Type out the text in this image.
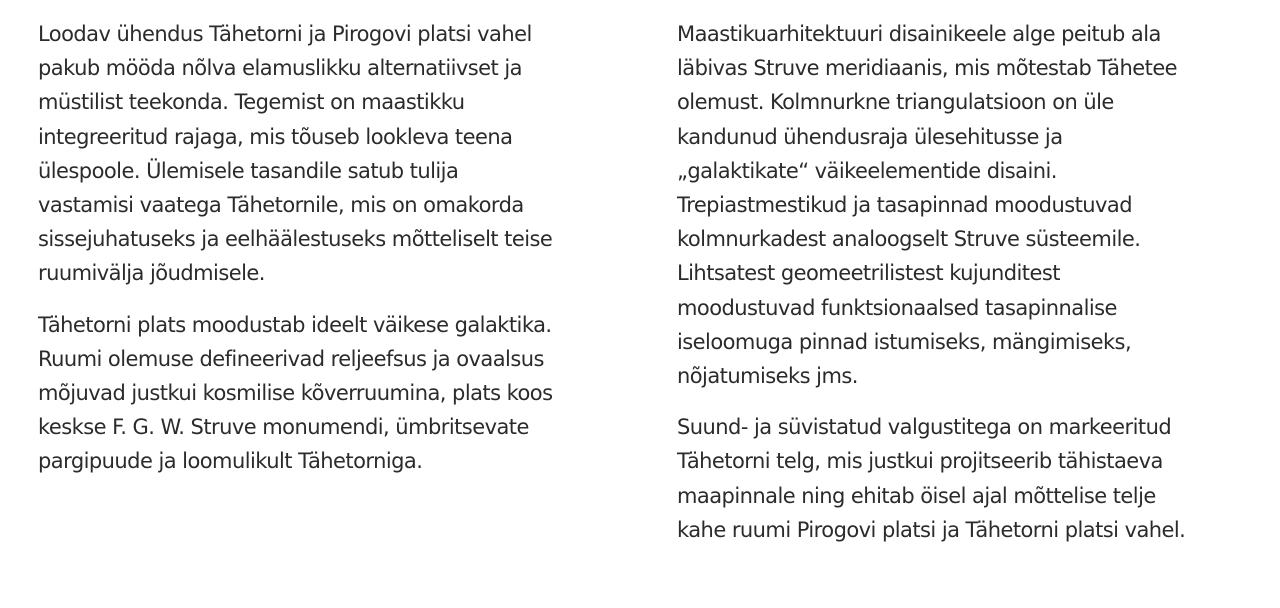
Loodav ühendus Tähetorni ja Pirogovi platsi vahel
pakub mööda nõlva elamuslikku alternatiivset ja
müstilist teekonda. Tegemist on maastikku
integreeritud rajaga, mis tõuseb lookleva teena
ülespoole. Ülemisele tasandile satub tulija
vastamisi vaatega Tähetornile, mis on omakorda
sissejuhatuseks ja eelhäälestuseks mõtteliselt teise
ruumivälja jõudmisele.

Tähetorni plats moodustab ideelt väikese galaktika.
Ruumi olemuse defineerivad reljeefsus ja ovaalsus
mõjuvad justkui kosmilise kõverruumina, plats koos
keskse F. G. W. Struve monumendi, ümbritsevate
pargipuude ja loomulikult Tähetorniga.

Maastikuarhitektuuri disainikeele alge peitub ala
läbivas Struve meridiaanis, mis mõtestab Tähetee
olemust. Kolmnurkne triangulatsioon on üle
kandunud ühendusraja ülesehitusse ja
„galaktikate“ väikeelementide disaini.
Trepiastmestikud ja tasapinnad moodustuvad
kolmnurkadest analoogselt Struve süsteemile.
Lihtsatest geomeetrilistest kujunditest
moodustuvad funktsionaalsed tasapinnalise
iseloomuga pinnad istumiseks, mängimiseks,
nõjatumiseks jms.

Suund- ja süvistatud valgustitega on markeeritud
Tähetorni telg, mis justkui projitseerib tähistaeva
maapinnale ning ehitab öisel ajal mõttelise telje
kahe ruumi Pirogovi platsi ja Tähetorni platsi vahel.
